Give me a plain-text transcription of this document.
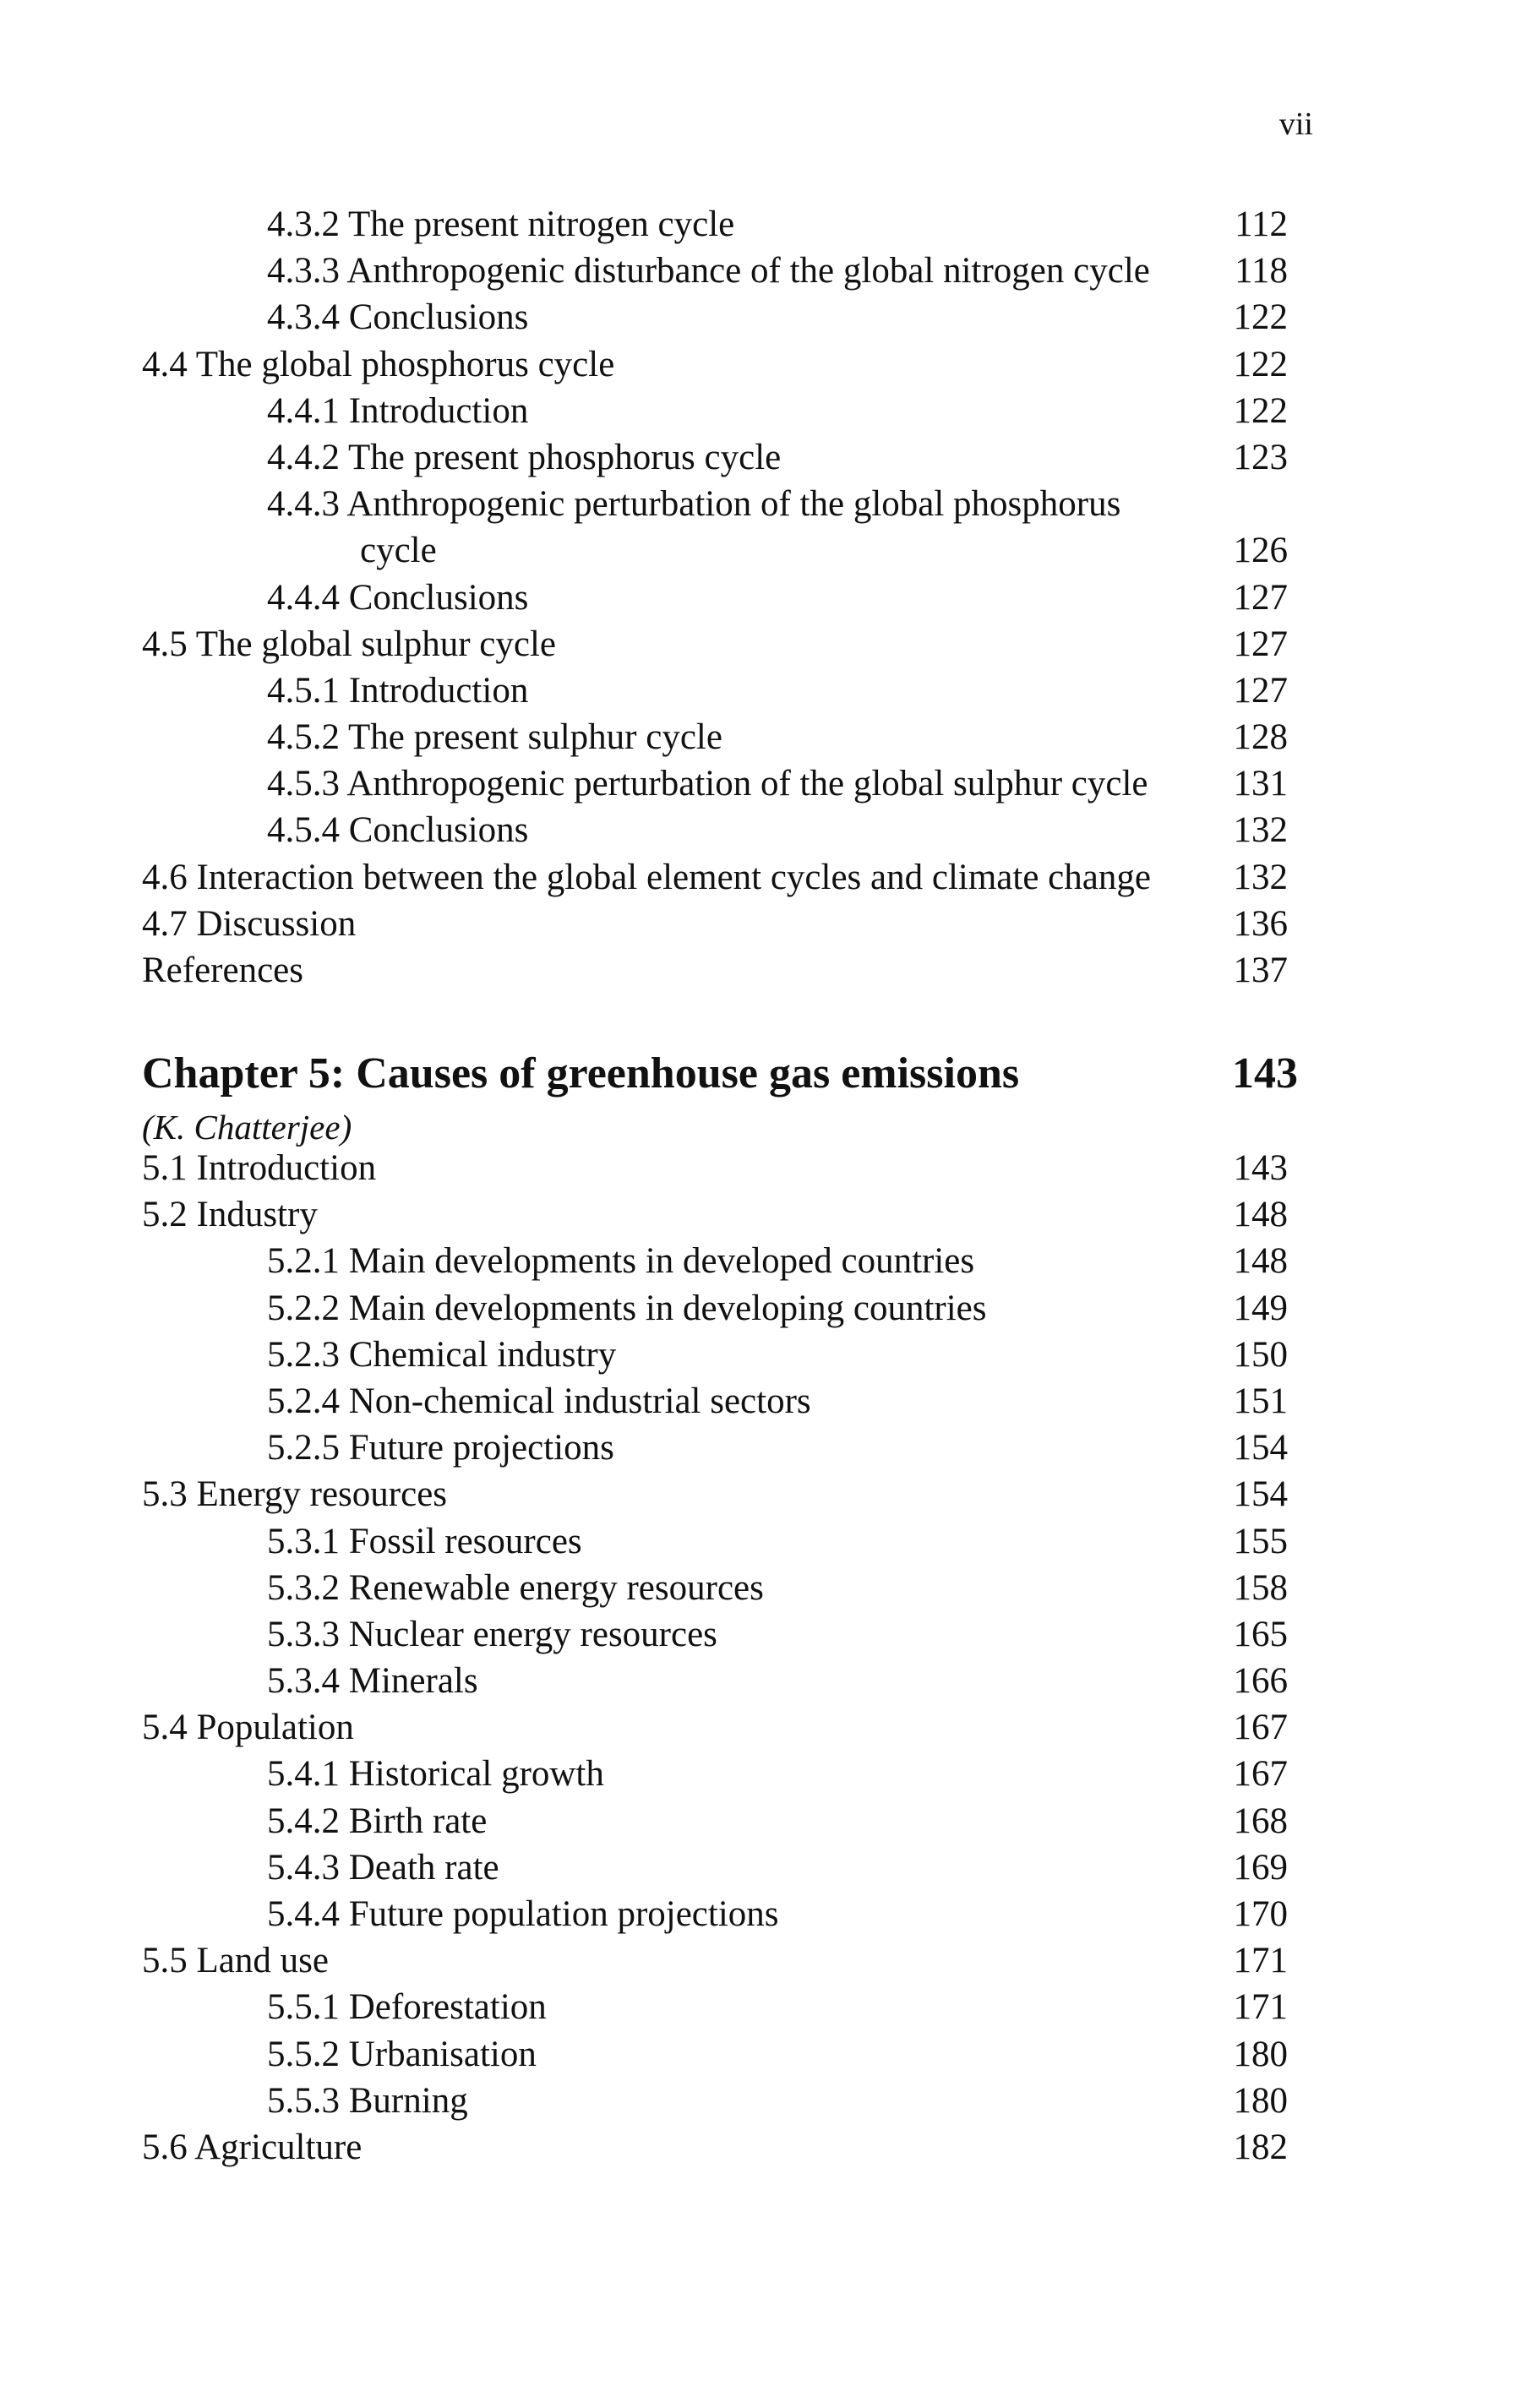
vii
4.3.2 The present nitrogen cycle	112
4.3.3 Anthropogenic disturbance of the global nitrogen cycle 118
4.3.4 Conclusions	122
4.4 The global phosphorus cycle	122
4.4.1 Introduction	122
4.4.2 The present phosphorus cycle	123
4.4.3 Anthropogenic perturbation of the global phosphorus
cycle	126
4.4.4 Conclusions	127
4.5 The global sulphur cycle	127
4.5.1 Introduction	127
4.5.2 The present sulphur cycle	128
4.5.3 Anthropogenic perturbation of the global sulphur cycle 131
4.5.4 Conclusions	132
4.6 Interaction between the global element cycles and climate change 132
4.7 Discussion	136
References	137
Chapter 5: Causes of greenhouse gas emissions	143
(K. Chatterjee)
5.1 Introduction	143
5.2 Industry	148
5.2.1 Main developments in developed countries	148
5.2.2 Main developments in developing countries	149
5.2.3 Chemical industry	150
5.2.4 Non-chemical industrial sectors	151
5.2.5 Future projections	154
5.3 Energy resources	154
5.3.1 Fossil resources	155
5.3.2 Renewable energy resources	158
5.3.3 Nuclear energy resources	165
5.3.4 Minerals	166
5.4 Population	167
5.4.1 Historical growth	167
5.4.2 Birth rate	168
5.4.3 Death rate	169
5.4.4 Future population projections	170
5.5 Land use	171
5.5.1 Deforestation	171
5.5.2 Urbanisation	180
5.5.3 Burning	180
5.6 Agriculture	182
